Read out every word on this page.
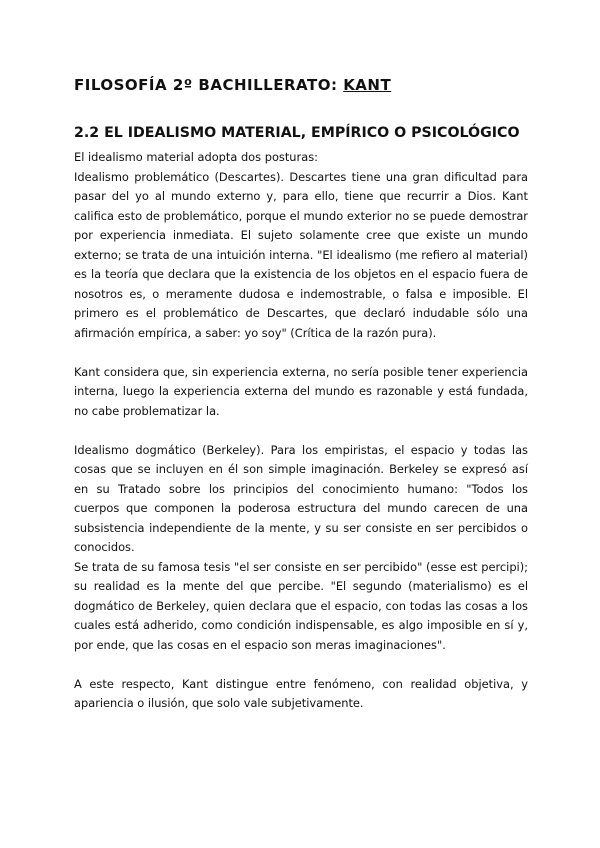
FILOSOFÍA 2º BACHILLERATO: KANT
2.2 EL IDEALISMO MATERIAL, EMPÍRICO O PSICOLÓGICO

El idealismo material adopta dos posturas:

Idealismo problemático (Descartes). Descartes tiene una gran dificultad para pasar del yo al mundo externo y, para ello, tiene que recurrir a Dios. Kant califica esto de problemático, porque el mundo exterior no se puede demostrar por experiencia inmediata. El sujeto solamente cree que existe un mundo externo; se trata de una intuición interna. "El idealismo (me refiero al material) es la teoría que declara que la existencia de los objetos en el espacio fuera de nosotros es, o meramente dudosa e indemostrable, o falsa e imposible. El primero es el problemático de Descartes, que declaró indudable sólo una afirmación empírica, a saber: yo soy" (Crítica de la razón pura).

Kant considera que, sin experiencia externa, no sería posible tener experiencia interna, luego la experiencia externa del mundo es razonable y está fundada, no cabe problematizar la.

Idealismo dogmático (Berkeley). Para los empiristas, el espacio y todas las cosas que se incluyen en él son simple imaginación. Berkeley se expresó así en su Tratado sobre los principios del conocimiento humano: "Todos los cuerpos que componen la poderosa estructura del mundo carecen de una subsistencia independiente de la mente, y su ser consiste en ser percibidos o conocidos.

Se trata de su famosa tesis "el ser consiste en ser percibido" (esse est percipi); su realidad es la mente del que percibe. "El segundo (materialismo) es el dogmático de Berkeley, quien declara que el espacio, con todas las cosas a los cuales está adherido, como condición indispensable, es algo imposible en sí y, por ende, que las cosas en el espacio son meras imaginaciones".

A este respecto, Kant distingue entre fenómeno, con realidad objetiva, y apariencia o ilusión, que solo vale subjetivamente.
